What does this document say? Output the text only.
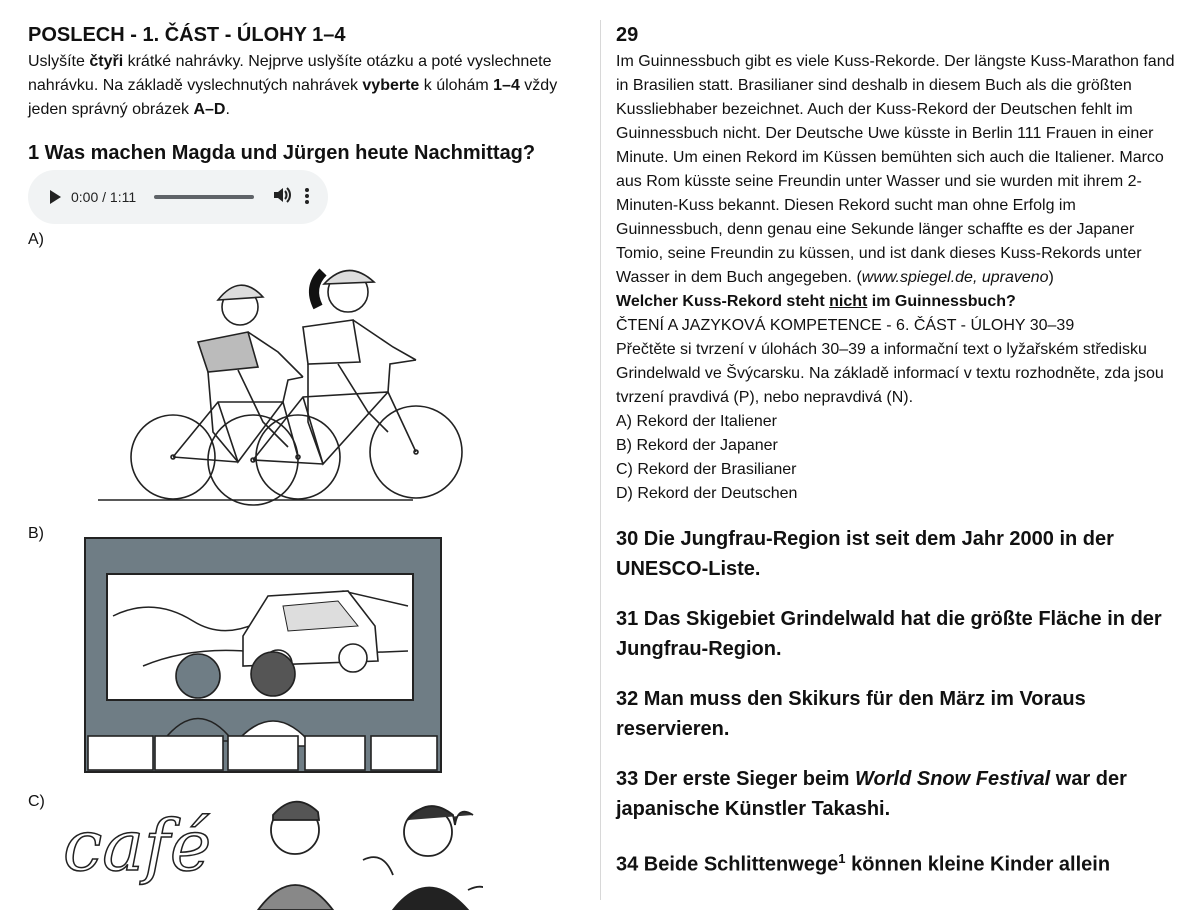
POSLECH - 1. ČÁST - ÚLOHY 1–4

Uslyšíte čtyři krátké nahrávky. Nejprve uslyšíte otázku a poté vyslechnete nahrávku. Na základě vyslechnutých nahrávek vyberte k úlohám 1–4 vždy jeden správný obrázek A–D.

1 Was machen Magda und Jürgen heute Nachmittag?
0:00 / 1:11

A)

B)

C)

café
29

Im Guinnessbuch gibt es viele Kuss-Rekorde. Der längste Kuss-Marathon fand in Brasilien statt. Brasilianer sind deshalb in diesem Buch als die größten Kussliebhaber bezeichnet. Auch der Kuss-Rekord der Deutschen fehlt im Guinnessbuch nicht. Der Deutsche Uwe küsste in Berlin 111 Frauen in einer Minute. Um einen Rekord im Küssen bemühten sich auch die Italiener. Marco aus Rom küsste seine Freundin unter Wasser und sie wurden mit ihrem 2-Minuten-Kuss bekannt. Diesen Rekord sucht man ohne Erfolg im Guinnessbuch, denn genau eine Sekunde länger schaffte es der Japaner Tomio, seine Freundin zu küssen, und ist dank dieses Kuss-Rekords unter Wasser in dem Buch angegeben. (www.spiegel.de, upraveno)

Welcher Kuss-Rekord steht nicht im Guinnessbuch?

ČTENÍ A JAZYKOVÁ KOMPETENCE - 6. ČÁST - ÚLOHY 30–39

Přečtěte si tvrzení v úlohách 30–39 a informační text o lyžařském středisku Grindelwald ve Švýcarsku. Na základě informací v textu rozhodněte, zda jsou tvrzení pravdivá (P), nebo nepravdivá (N).

A) Rekord der Italiener

B) Rekord der Japaner

C) Rekord der Brasilianer

D) Rekord der Deutschen

30 Die Jungfrau-Region ist seit dem Jahr 2000 in der UNESCO-Liste.

31 Das Skigebiet Grindelwald hat die größte Fläche in der Jungfrau-Region.

32 Man muss den Skikurs für den März im Voraus reservieren.

33 Der erste Sieger beim World Snow Festival war der japanische Künstler Takashi.

34 Beide Schlittenwege$^1$ können kleine Kinder allein
